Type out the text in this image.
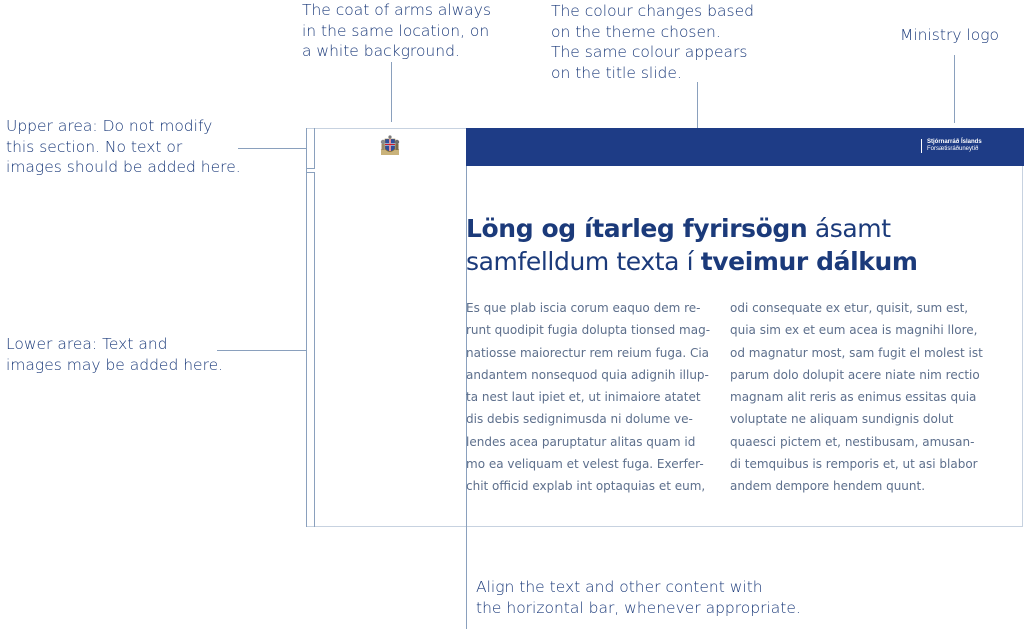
The coat of arms always
in the same location, on
a white background.
The colour changes based
on the theme chosen.
The same colour appears
on the title slide.
Ministry logo
Upper area: Do not modify
this section. No text or
images should be added here.
Lower area: Text and
images may be added here.
Align the text and other content with
the horizontal bar, whenever appropriate.
Stjórnarráð Íslands
Forsætisráðuneytið
Löng og ítarleg fyrirsögn ásamt
samfelldum texta í tveimur dálkum
Es que plab iscia corum eaquo dem re-
runt quodipit fugia dolupta tionsed mag-
natiosse maiorectur rem reium fuga. Cia
andantem nonsequod quia adignih illup-
ta nest laut ipiet et, ut inimaiore atatet
dis debis sedignimusda ni dolume ve-
lendes acea paruptatur alitas quam id
mo ea veliquam et velest fuga. Exerfer-
chit officid explab int optaquias et eum,
odi consequate ex etur, quisit, sum est,
quia sim ex et eum acea is magnihi llore,
od magnatur most, sam fugit el molest ist
parum dolo dolupit acere niate nim rectio
magnam alit reris as enimus essitas quia
voluptate ne aliquam sundignis dolut
quaesci pictem et, nestibusam, amusan-
di temquibus is remporis et, ut asi blabor
andem dempore hendem quunt.
